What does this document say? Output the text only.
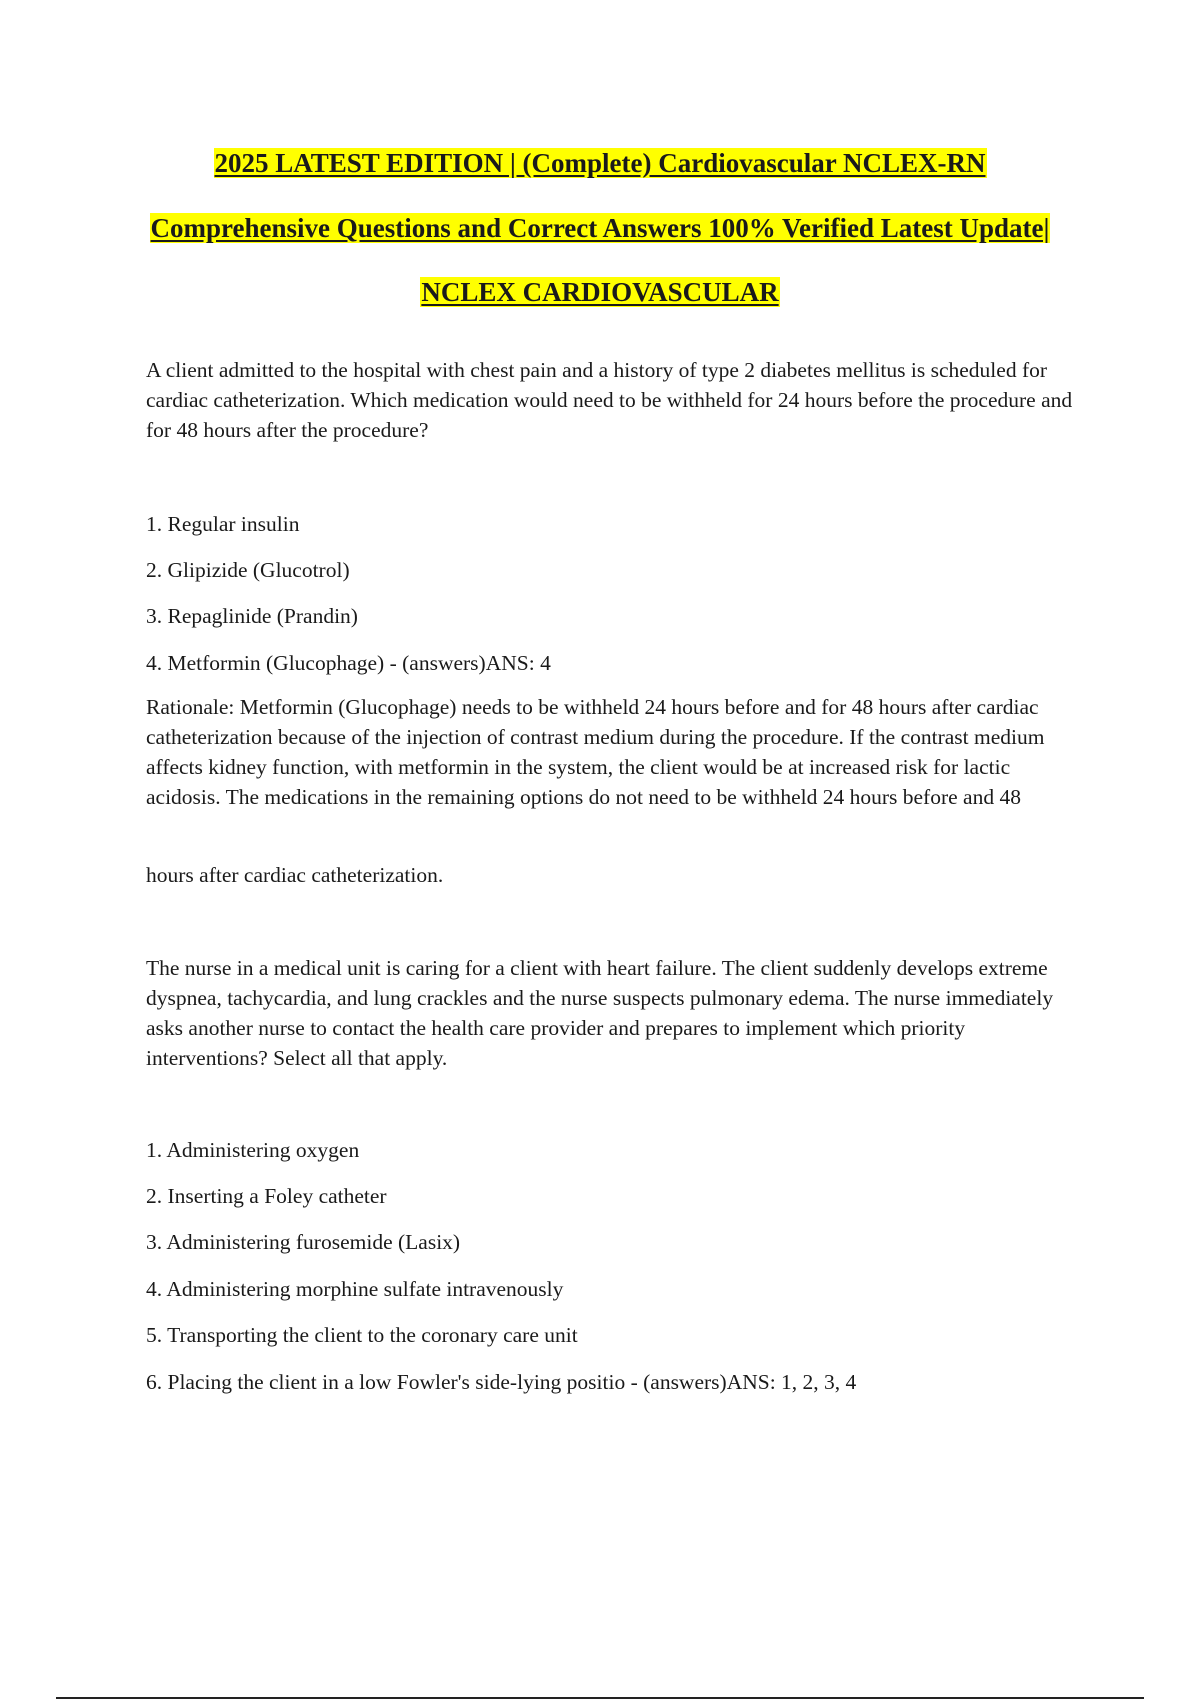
2025 LATEST EDITION | (Complete) Cardiovascular NCLEX-RN
Comprehensive Questions and Correct Answers 100% Verified Latest Update|
NCLEX CARDIOVASCULAR
A client admitted to the hospital with chest pain and a history of type 2 diabetes mellitus is scheduled for cardiac catheterization. Which medication would need to be withheld for 24 hours before the procedure and for 48 hours after the procedure?
1. Regular insulin
2. Glipizide (Glucotrol)
3. Repaglinide (Prandin)
4. Metformin (Glucophage) - (answers)ANS: 4
Rationale: Metformin (Glucophage) needs to be withheld 24 hours before and for 48 hours after cardiac catheterization because of the injection of contrast medium during the procedure. If the contrast medium affects kidney function, with metformin in the system, the client would be at increased risk for lactic acidosis. The medications in the remaining options do not need to be withheld 24 hours before and 48
hours after cardiac catheterization.
The nurse in a medical unit is caring for a client with heart failure. The client suddenly develops extreme dyspnea, tachycardia, and lung crackles and the nurse suspects pulmonary edema. The nurse immediately asks another nurse to contact the health care provider and prepares to implement which priority interventions? Select all that apply.
1. Administering oxygen
2. Inserting a Foley catheter
3. Administering furosemide (Lasix)
4. Administering morphine sulfate intravenously
5. Transporting the client to the coronary care unit
6. Placing the client in a low Fowler's side-lying positio - (answers)ANS: 1, 2, 3, 4
